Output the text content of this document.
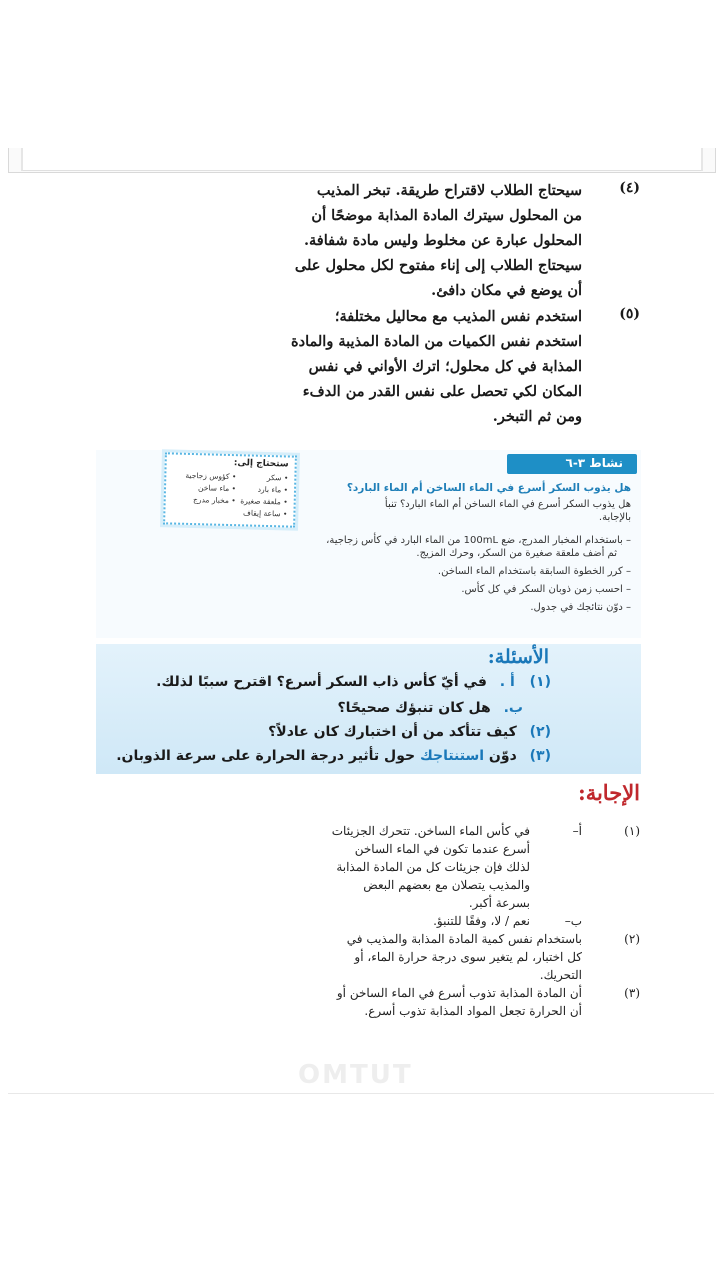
(٤)
سيحتاج الطلاب لاقتراح طريقة. تبخر المذيب
من المحلول سيترك المادة المذابة موضحًا أن
المحلول عبارة عن مخلوط وليس مادة شفافة.
سيحتاج الطلاب إلى إناء مفتوح لكل محلول على
أن يوضع في مكان دافئ.
(٥)
استخدم نفس المذيب مع محاليل مختلفة؛
استخدم نفس الكميات من المادة المذيبة والمادة
المذابة في كل محلول؛ اترك الأواني في نفس
المكان لكي تحصل على نفس القدر من الدفء
ومن ثم التبخر.
نشاط ٣-٦
هل يذوب السكر أسرع في الماء الساخن أم الماء البارد؟
هل يذوب السكر أسرع في الماء الساخن أم الماء البارد؟ تنبأ
بالإجابة.
– باستخدام المخبار المدرج، ضع 100mL من الماء البارد في كأس زجاجية،
ثم أضف ملعقة صغيرة من السكر، وحرك المزيج.
– كرر الخطوة السابقة باستخدام الماء الساخن.
– احسب زمن ذوبان السكر في كل كأس.
– دوّن نتائجك في جدول.
ستحتاج إلى:
• سكر
• كؤوس زجاجية
• ماء بارد
• ماء ساخن
• ملعقة صغيرة
• مخبار مدرج
• ساعة إيقاف
الأسئلة:
(١) أ . في أيّ كأس ذاب السكر أسرع؟ اقترح سببًا لذلك.
ب. هل كان تنبؤك صحيحًا؟
(٢) كيف تتأكد من أن اختبارك كان عادلاً؟
(٣) دوّن استنتاجك حول تأثير درجة الحرارة على سرعة الذوبان.
الإجابة:
(١)
أ–
في كأس الماء الساخن. تتحرك الجزيئات
أسرع عندما تكون في الماء الساخن
لذلك فإن جزيئات كل من المادة المذابة
والمذيب يتصلان مع بعضهم البعض
بسرعة أكبر.
ب–
نعم / لا، وفقًا للتنبؤ.
(٢)
باستخدام نفس كمية المادة المذابة والمذيب في
كل اختبار، لم يتغير سوى درجة حرارة الماء، أو
التحريك.
(٣)
أن المادة المذابة تذوب أسرع في الماء الساخن أو
أن الحرارة تجعل المواد المذابة تذوب أسرع.
OMTUT
